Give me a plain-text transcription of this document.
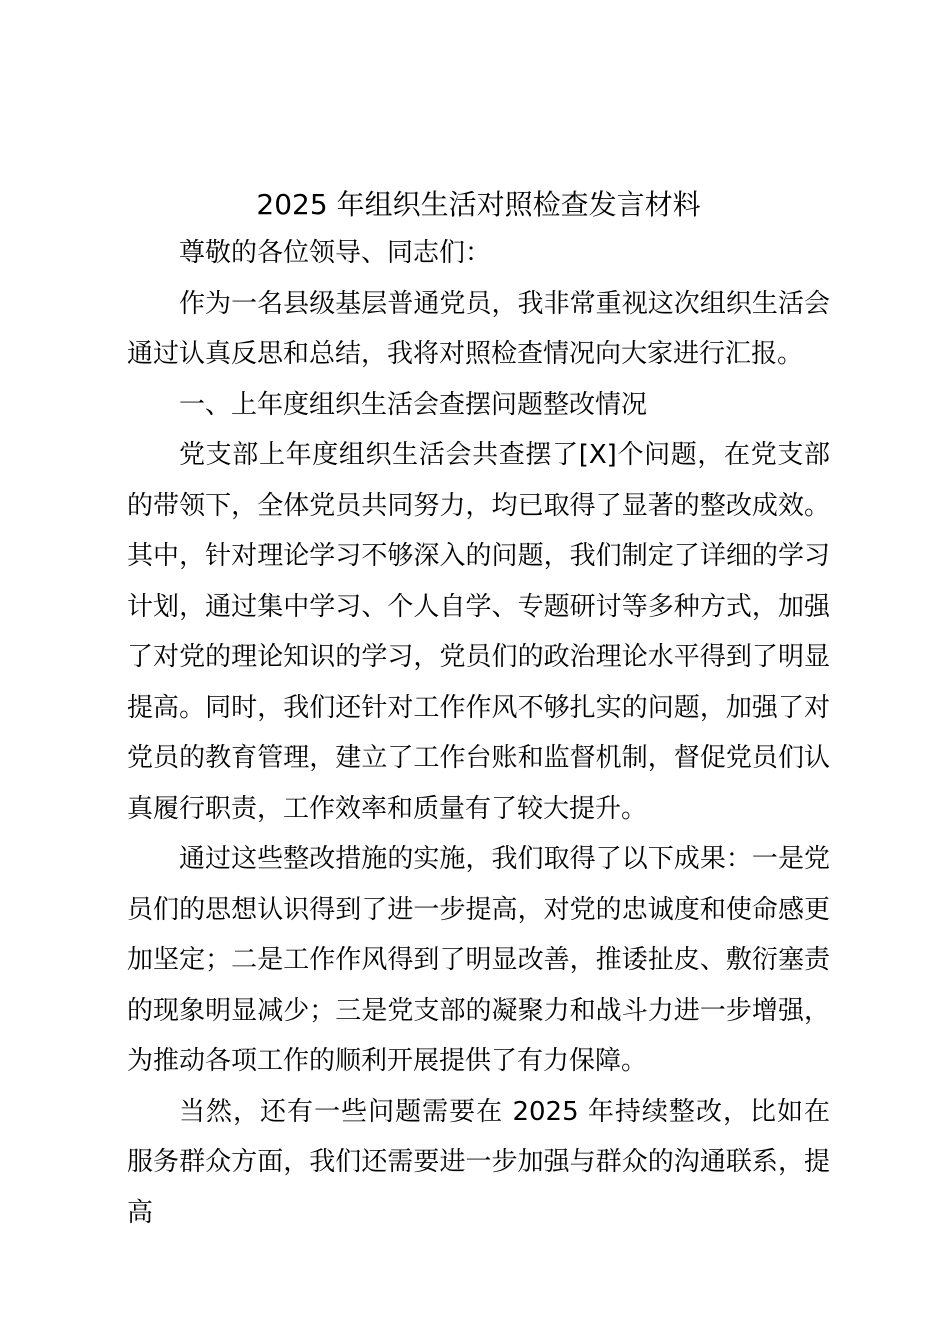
2025 年组织生活对照检查发言材料

尊敬的各位领导、同志们：

作为一名县级基层普通党员，我非常重视这次组织生活会通过认真反思和总结，我将对照检查情况向大家进行汇报。

一、上年度组织生活会查摆问题整改情况

党支部上年度组织生活会共查摆了[X]个问题，在党支部的带领下，全体党员共同努力，均已取得了显著的整改成效。其中，针对理论学习不够深入的问题，我们制定了详细的学习计划，通过集中学习、个人自学、专题研讨等多种方式，加强了对党的理论知识的学习，党员们的政治理论水平得到了明显提高。同时，我们还针对工作作风不够扎实的问题，加强了对党员的教育管理，建立了工作台账和监督机制，督促党员们认真履行职责，工作效率和质量有了较大提升。

通过这些整改措施的实施，我们取得了以下成果：一是党员们的思想认识得到了进一步提高，对党的忠诚度和使命感更加坚定；二是工作作风得到了明显改善，推诿扯皮、敷衍塞责的现象明显减少；三是党支部的凝聚力和战斗力进一步增强，为推动各项工作的顺利开展提供了有力保障。

当然，还有一些问题需要在 2025 年持续整改，比如在服务群众方面，我们还需要进一步加强与群众的沟通联系，提高
